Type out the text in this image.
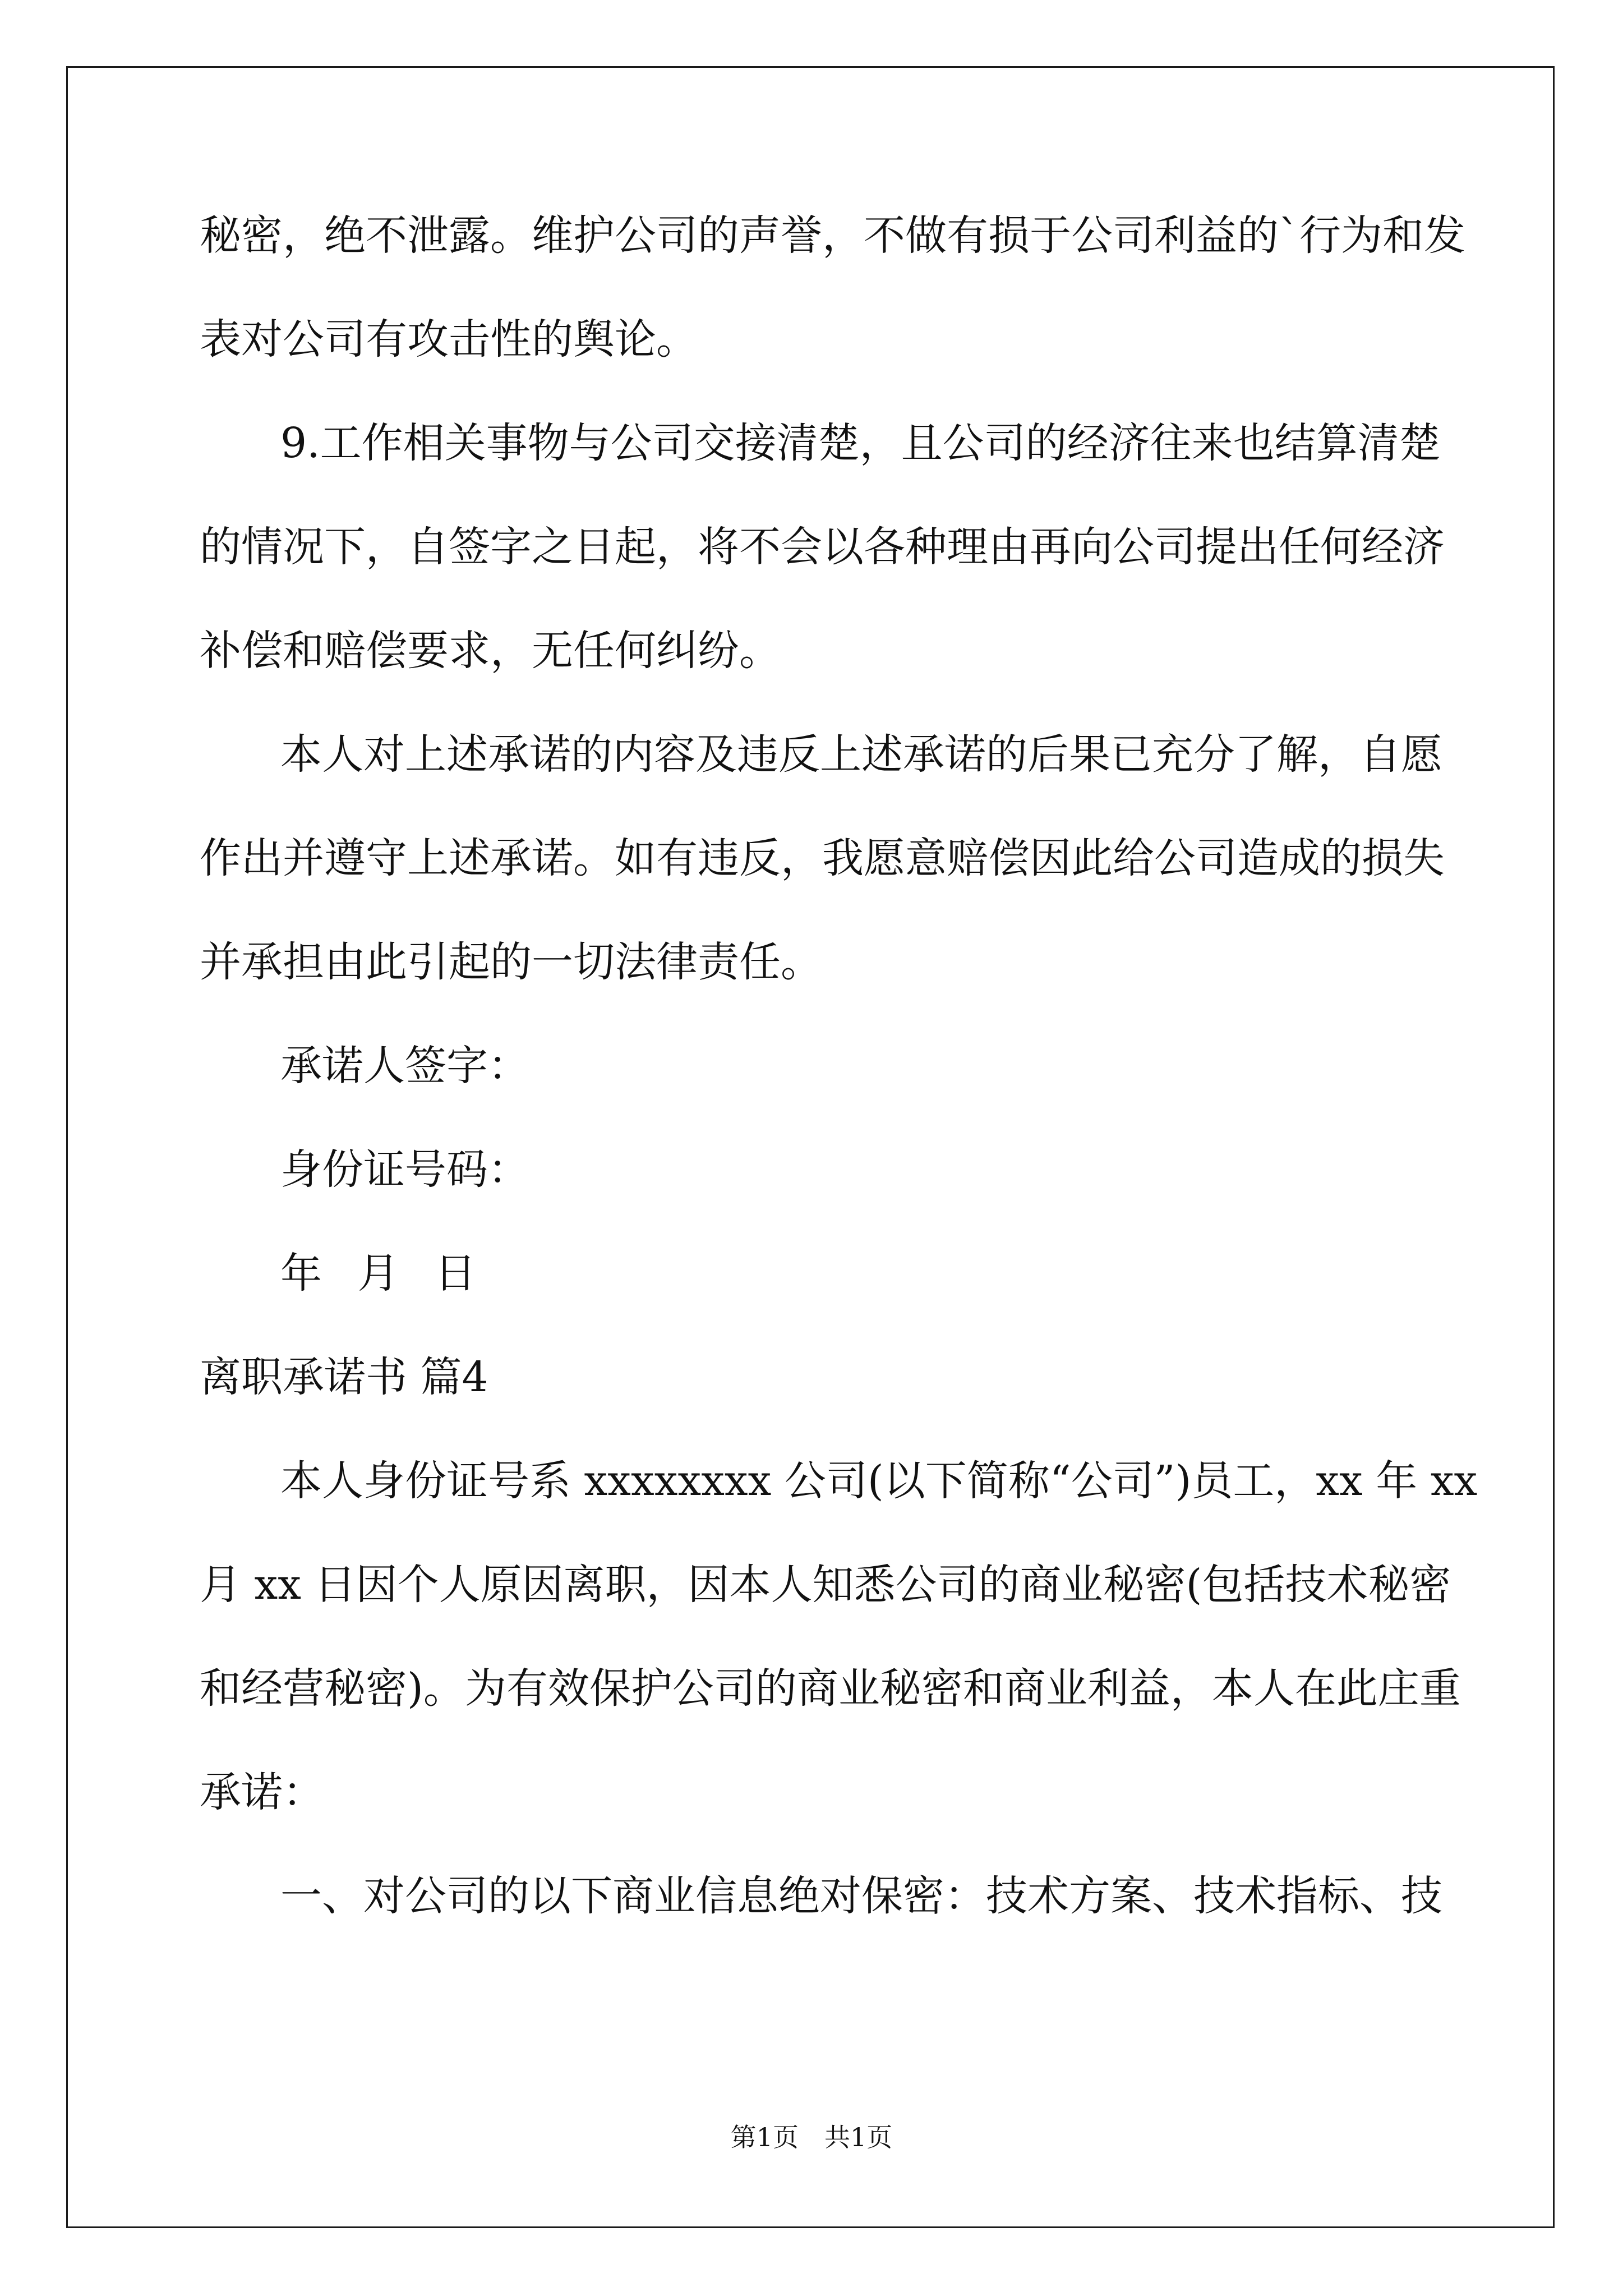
秘密，绝不泄露。维护公司的声誉，不做有损于公司利益的`行为和发
表对公司有攻击性的舆论。
9.工作相关事物与公司交接清楚，且公司的经济往来也结算清楚
的情况下，自签字之日起，将不会以各种理由再向公司提出任何经济
补偿和赔偿要求，无任何纠纷。
本人对上述承诺的内容及违反上述承诺的后果已充分了解，自愿
作出并遵守上述承诺。如有违反，我愿意赔偿因此给公司造成的损失
并承担由此引起的一切法律责任。
承诺人签字：
身份证号码：
年 月 日
离职承诺书 篇4
本人身份证号系 xxxxxxxx 公司(以下简称“公司”)员工，xx 年 xx
月 xx 日因个人原因离职，因本人知悉公司的商业秘密(包括技术秘密
和经营秘密)。为有效保护公司的商业秘密和商业利益，本人在此庄重
承诺：
一、对公司的以下商业信息绝对保密：技术方案、技术指标、技
第1页　共1页
